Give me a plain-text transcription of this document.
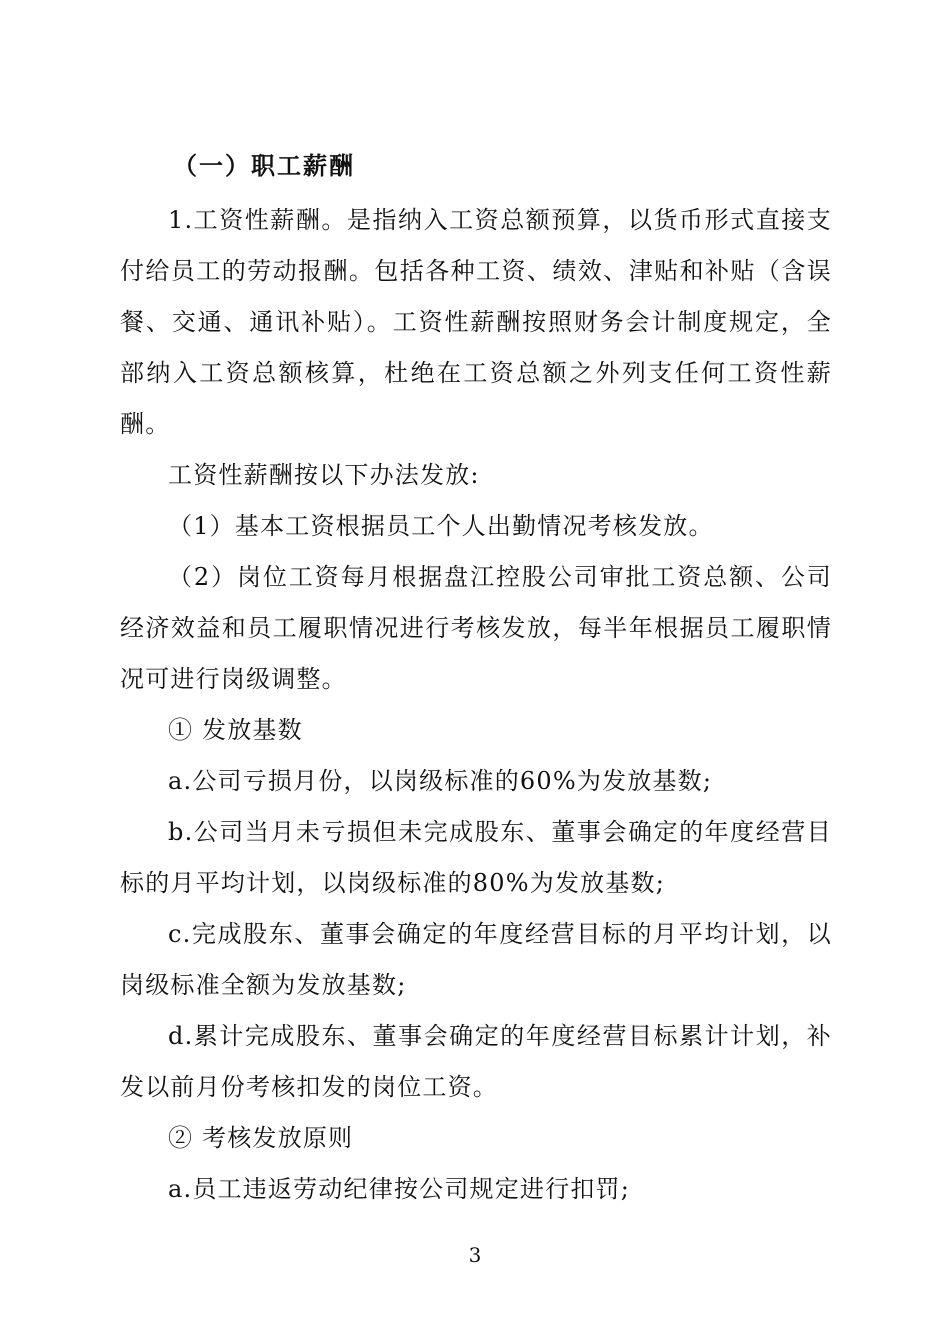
（一）职工薪酬

1.工资性薪酬。是指纳入工资总额预算，以货币形式直接支付给员工的劳动报酬。包括各种工资、绩效、津贴和补贴（含误餐、交通、通讯补贴）。工资性薪酬按照财务会计制度规定，全部纳入工资总额核算，杜绝在工资总额之外列支任何工资性薪酬。

工资性薪酬按以下办法发放:

（1）基本工资根据员工个人出勤情况考核发放。

（2）岗位工资每月根据盘江控股公司审批工资总额、公司经济效益和员工履职情况进行考核发放，每半年根据员工履职情况可进行岗级调整。

① 发放基数

a.公司亏损月份，以岗级标准的60%为发放基数;

b.公司当月未亏损但未完成股东、董事会确定的年度经营目标的月平均计划，以岗级标准的80%为发放基数;

c.完成股东、董事会确定的年度经营目标的月平均计划，以岗级标准全额为发放基数;

d.累计完成股东、董事会确定的年度经营目标累计计划，补发以前月份考核扣发的岗位工资。

② 考核发放原则

a.员工违返劳动纪律按公司规定进行扣罚;

3
